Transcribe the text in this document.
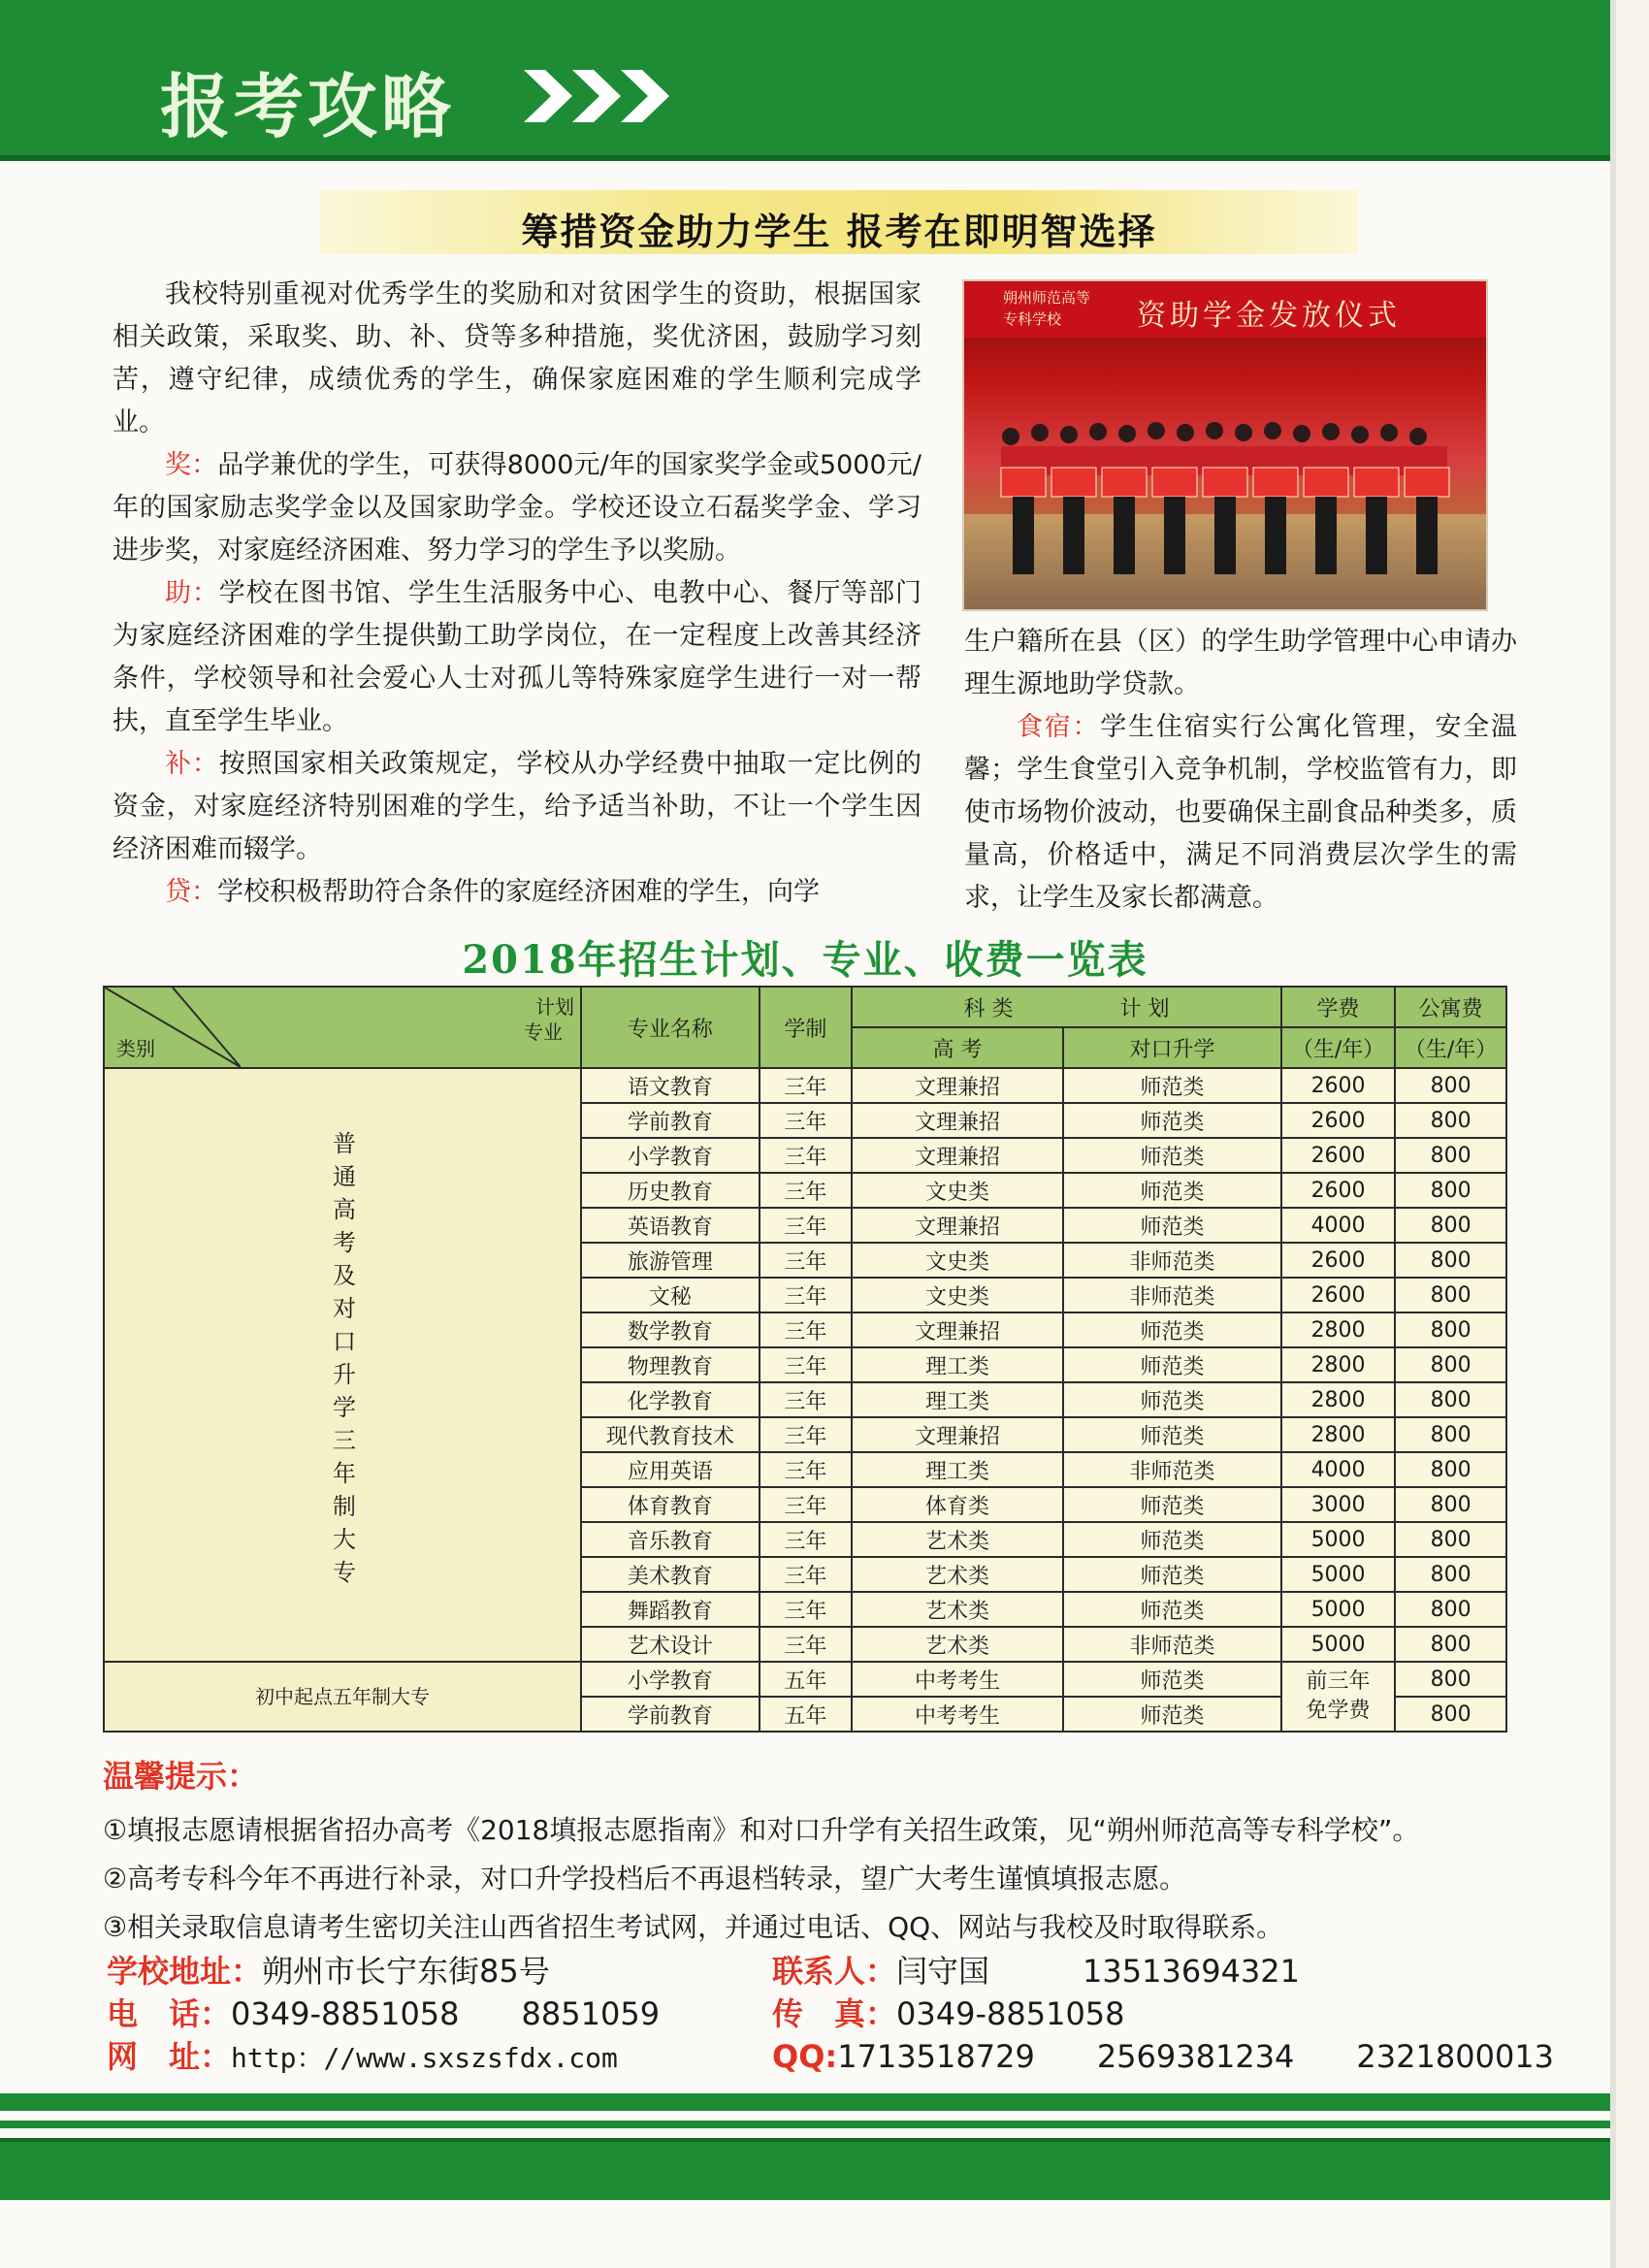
报考攻略
筹措资金助力学生 报考在即明智选择

我校特别重视对优秀学生的奖励和对贫困学生的资助，根据国家相关政策，采取奖、助、补、贷等多种措施，奖优济困，鼓励学习刻苦，遵守纪律，成绩优秀的学生，确保家庭困难的学生顺利完成学业。

奖：品学兼优的学生，可获得8000元/年的国家奖学金或5000元/年的国家励志奖学金以及国家助学金。学校还设立石磊奖学金、学习进步奖，对家庭经济困难、努力学习的学生予以奖励。

助：学校在图书馆、学生生活服务中心、电教中心、餐厅等部门为家庭经济困难的学生提供勤工助学岗位，在一定程度上改善其经济条件，学校领导和社会爱心人士对孤儿等特殊家庭学生进行一对一帮扶，直至学生毕业。

补：按照国家相关政策规定，学校从办学经费中抽取一定比例的资金，对家庭经济特别困难的学生，给予适当补助，不让一个学生因经济困难而辍学。

贷：学校积极帮助符合条件的家庭经济困难的学生，向学

朔州师范高等专科学校	资助学金发放仪式

生户籍所在县（区）的学生助学管理中心申请办理生源地助学贷款。

食宿：学生住宿实行公寓化管理，安全温馨；学生食堂引入竞争机制，学校监管有力，即使市场物价波动，也要确保主副食品种类多，质量高，价格适中，满足不同消费层次学生的需求，让学生及家长都满意。

2018年招生计划、专业、收费一览表
计划
专业
类别	专业名称	学制	科 类　　　　　 计 划		学费	公寓费
			高 考	对口升学	（生/年）	（生/年）
普通高考及对口升学三年制大专	语文教育	三年	文理兼招	师范类	2600	800
	学前教育	三年	文理兼招	师范类	2600	800
	小学教育	三年	文理兼招	师范类	2600	800
	历史教育	三年	文史类	师范类	2600	800
	英语教育	三年	文理兼招	师范类	4000	800
	旅游管理	三年	文史类	非师范类	2600	800
	文秘	三年	文史类	非师范类	2600	800
	数学教育	三年	文理兼招	师范类	2800	800
	物理教育	三年	理工类	师范类	2800	800
	化学教育	三年	理工类	师范类	2800	800
	现代教育技术	三年	文理兼招	师范类	2800	800
	应用英语	三年	理工类	非师范类	4000	800
	体育教育	三年	体育类	师范类	3000	800
	音乐教育	三年	艺术类	师范类	5000	800
	美术教育	三年	艺术类	师范类	5000	800
	舞蹈教育	三年	艺术类	师范类	5000	800
	艺术设计	三年	艺术类	非师范类	5000	800
初中起点五年制大专	小学教育	五年	中考考生	师范类	前三年免学费	800
	学前教育	五年	中考考生	师范类		800
温馨提示：
①填报志愿请根据省招办高考《2018填报志愿指南》和对口升学有关招生政策，见“朔州师范高等专科学校”。
②高考专科今年不再进行补录，对口升学投档后不再退档转录，望广大考生谨慎填报志愿。
③相关录取信息请考生密切关注山西省招生考试网，并通过电话、QQ、网站与我校及时取得联系。
学校地址：朔州市长宁东街85号
电　话：0349-8851058　　 8851059
网　址：http：//www.sxszsfdx.com
联系人：闫守国　　　	13513694321
传　真：0349-8851058
QQ:1713518729　　 2569381234　　 2321800013
